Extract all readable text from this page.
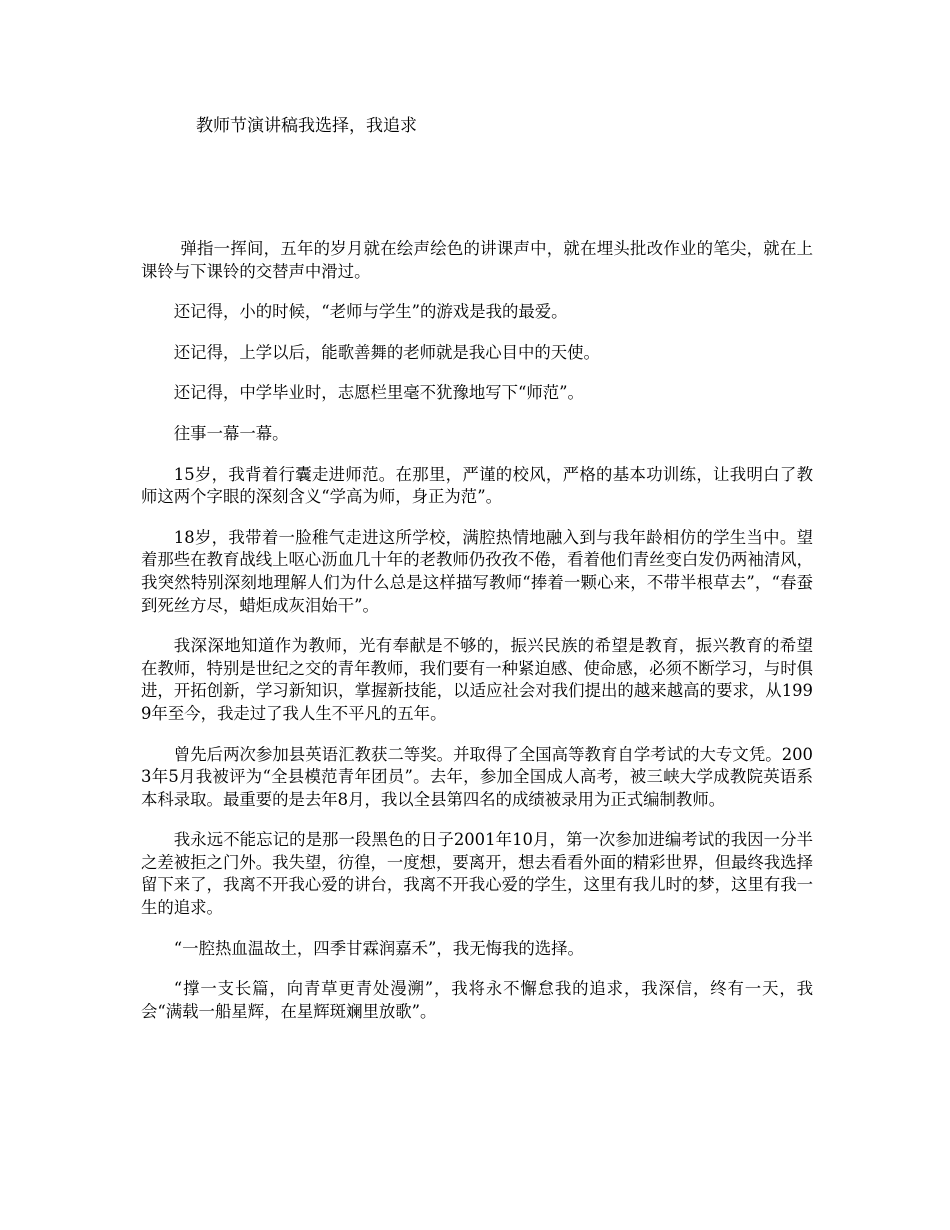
教师节演讲稿我选择，我追求

弹指一挥间，五年的岁月就在绘声绘色的讲课声中，就在埋头批改作业的笔尖，就在上课铃与下课铃的交替声中滑过。

还记得，小的时候，“老师与学生”的游戏是我的最爱。

还记得，上学以后，能歌善舞的老师就是我心目中的天使。

还记得，中学毕业时，志愿栏里毫不犹豫地写下“师范”。

往事一幕一幕。

15岁，我背着行囊走进师范。在那里，严谨的校风，严格的基本功训练，让我明白了教师这两个字眼的深刻含义“学高为师，身正为范”。

18岁，我带着一脸稚气走进这所学校，满腔热情地融入到与我年龄相仿的学生当中。望着那些在教育战线上呕心沥血几十年的老教师仍孜孜不倦，看着他们青丝变白发仍两袖清风，我突然特别深刻地理解人们为什么总是这样描写教师“捧着一颗心来，不带半根草去”，“春蚕到死丝方尽，蜡炬成灰泪始干”。

我深深地知道作为教师，光有奉献是不够的，振兴民族的希望是教育，振兴教育的希望在教师，特别是世纪之交的青年教师，我们要有一种紧迫感、使命感，必须不断学习，与时俱进，开拓创新，学习新知识，掌握新技能，以适应社会对我们提出的越来越高的要求，从1999年至今，我走过了我人生不平凡的五年。

曾先后两次参加县英语汇教获二等奖。并取得了全国高等教育自学考试的大专文凭。2003年5月我被评为“全县模范青年团员”。去年，参加全国成人高考，被三峡大学成教院英语系本科录取。最重要的是去年8月，我以全县第四名的成绩被录用为正式编制教师。

我永远不能忘记的是那一段黑色的日子2001年10月，第一次参加进编考试的我因一分半之差被拒之门外。我失望，彷徨，一度想，要离开，想去看看外面的精彩世界，但最终我选择留下来了，我离不开我心爱的讲台，我离不开我心爱的学生，这里有我儿时的梦，这里有我一生的追求。

“一腔热血温故土，四季甘霖润嘉禾”，我无悔我的选择。

“撑一支长篇，向青草更青处漫溯”，我将永不懈怠我的追求，我深信，终有一天，我会“满载一船星辉，在星辉斑斓里放歌”。
